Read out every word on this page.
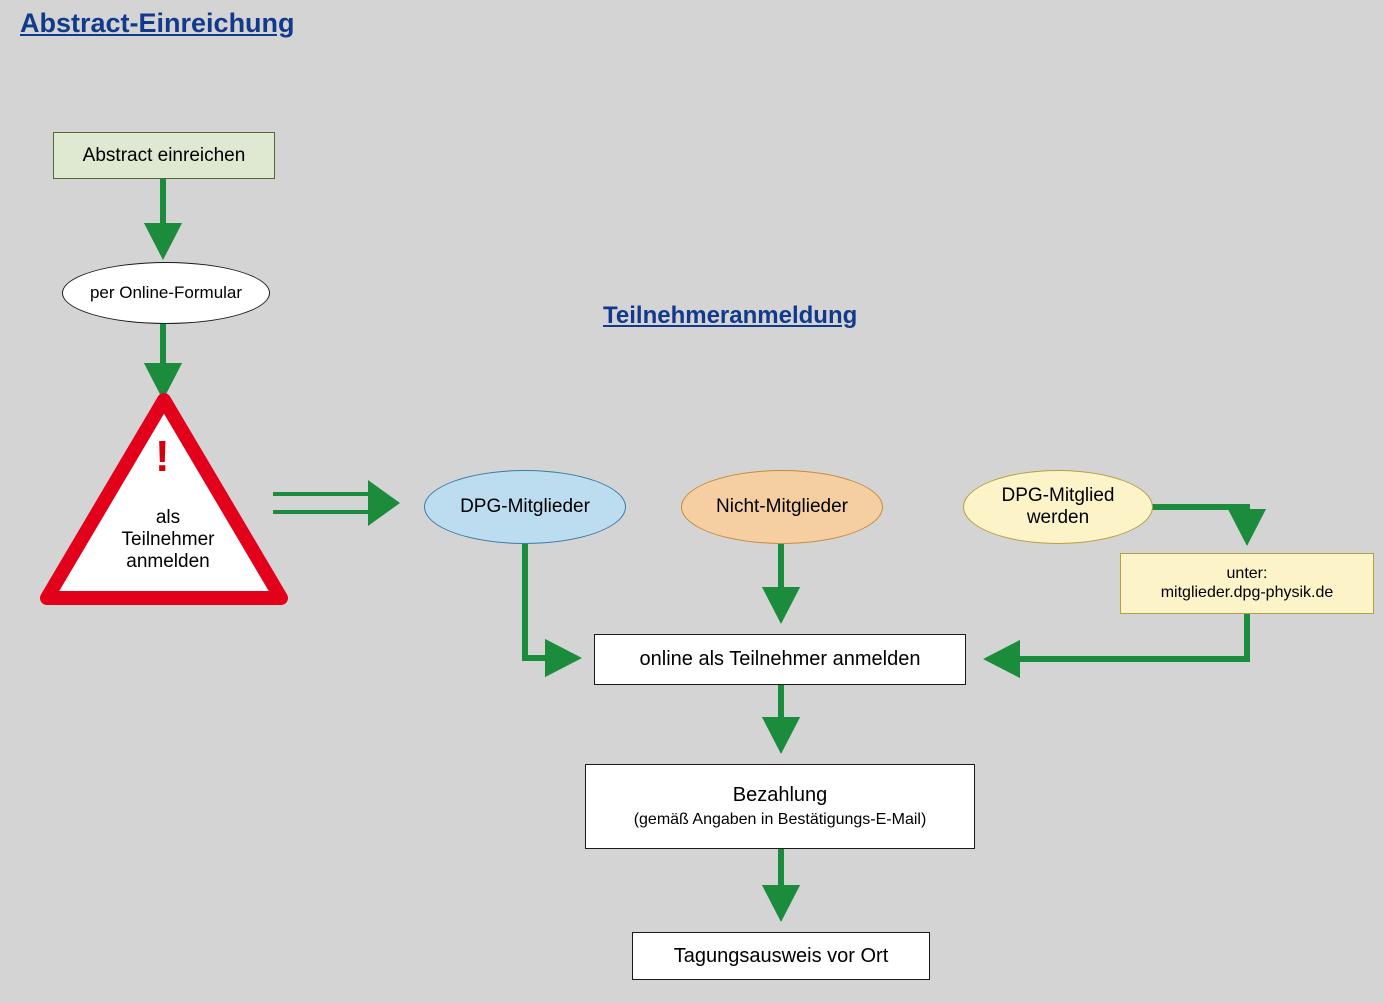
Abstract-Einreichung
Teilnehmeranmeldung
Abstract einreichen
per Online-Formular
!
als
Teilnehmer
anmelden
DPG-Mitglieder	Nicht-Mitglieder
DPG-Mitglied
werden
unter:
mitglieder.dpg-physik.de
online als Teilnehmer anmelden
Bezahlung
(gemäß Angaben in Bestätigungs-E-Mail)
Tagungsausweis vor Ort
